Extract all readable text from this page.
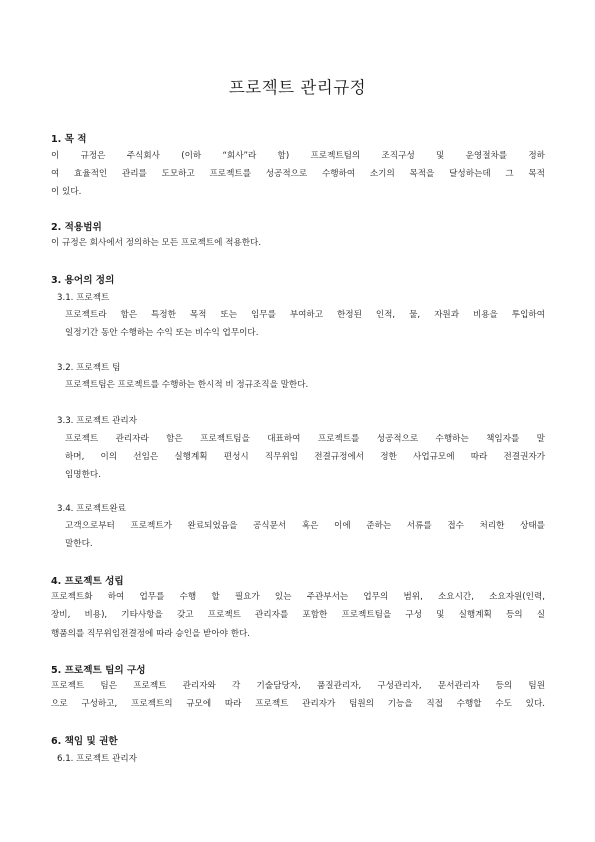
프로젝트 관리규정
1. 목 적
이 규정은 주식회사 (이하 “회사”라 함) 프로젝트팀의 조직구성 및 운영절차를 정하
여 효율적인 관리를 도모하고 프로젝트를 성공적으로 수행하여 소기의 목적을 달성하는데 그 목적
이 있다.
2. 적용범위
이 규정은 회사에서 정의하는 모든 프로젝트에 적용한다.
3. 용어의 정의
3.1. 프로젝트
프로젝트라 함은 특정한 목적 또는 임무를 부여하고 한정된 인적, 물, 자원과 비용을 투입하여
일정기간 동안 수행하는 수익 또는 비수익 업무이다.
3.2. 프로젝트 팀
프로젝트팀은 프로젝트를 수행하는 한시적 비 정규조직을 말한다.
3.3. 프로젝트 관리자
프로젝트 관리자라 함은 프로젝트팀을 대표하여 프로젝트를 성공적으로 수행하는 책임자를 말
하며, 이의 선임은 실행계획 편성시 직무위임 전결규정에서 정한 사업규모에 따라 전결권자가
임명한다.
3.4. 프로젝트완료
고객으로부터 프로젝트가 완료되었음을 공식문서 혹은 이에 준하는 서류를 접수 처리한 상태를
말한다.
4. 프로젝트 성립
프로젝트화 하여 업무를 수행 할 필요가 있는 주관부서는 업무의 범위, 소요시간, 소요자원(인력,
장비, 비용), 기타사항을 갖고 프로젝트 관리자를 포함한 프로젝트팀을 구성 및 실행계획 등의 실
행품의를 직무위임전결정에 따라 승인을 받아야 한다.
5. 프로젝트 팀의 구성
프로젝트 팀은 프로젝트 관리자와 각 기술담당자, 품질관리자, 구성관리자, 문서관리자 등의 팀원
으로 구성하고, 프로젝트의 규모에 따라 프로젝트 관리자가 팀원의 기능을 직접 수행할 수도 있다.
6. 책임 및 권한
6.1. 프로젝트 관리자
